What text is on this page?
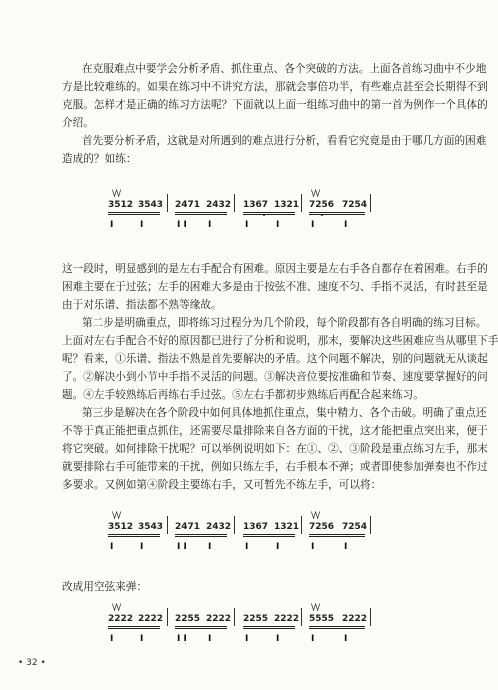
在克服难点中要学会分析矛盾、抓住重点、各个突破的方法。上面各首练习曲中不少地
方是比较难练的。如果在练习中不讲究方法，那就会事倍功半，有些难点甚至会长期得不到
克服。怎样才是正确的练习方法呢？下面就以上面一组练习曲中的第一首为例作一个具体的
介绍。
首先要分析矛盾，这就是对所遇到的难点进行分析，看看它究竟是由于哪几方面的困难
造成的？如练：
\/\/
3512 3543 2471 2432 1367 1321
\/\/
7256 7254
I	I	I I I	I	I	I	I
这一段时，明显感到的是左右手配合有困难。原因主要是左右手各自都存在着困难。右手的
困难主要在于过弦；左手的困难大多是由于按弦不准、速度不匀、手指不灵活，有时甚至是
由于对乐谱、指法都不熟等缘故。
第二步是明确重点，即将练习过程分为几个阶段，每个阶段都有各自明确的练习目标。
上面对左右手配合不好的原因都已进行了分析和说明，那末，要解决这些困难应当从哪里下手
呢？看来，①乐谱、指法不熟是首先要解决的矛盾。这个问题不解决，别的问题就无从谈起
了。②解决小到小节中手指不灵活的问题。③解决音位要按准确和节奏、速度要掌握好的问
题。④左手较熟练后再练右手过弦。⑤左右手都初步熟练后再配合起来练习。
第三步是解决在各个阶段中如何具体地抓住重点，集中精力、各个击破。明确了重点还
不等于真正能把重点抓住，还需要尽量排除来自各方面的干扰，这才能把重点突出来，便于
将它突破。如何排除干扰呢？可以举例说明如下：在①、②、③阶段是重点练习左手，那末
就要排除右手可能带来的干扰，例如只练左手，右手根本不弹；或者即使参加弹奏也不作过
多要求。又例如第④阶段主要练右手，又可暂先不练左手，可以将：
\/\/
3512 3543 2471 2432 1367 1321
\/\/
7256 7254
I	I	I I I	I	I	I	I
改成用空弦来弹：
\/\/
2222 2222 2255 2222 2255 2222
\/\/
5555 2222
I	I	I I I	I	I	I	I
• 32 •
